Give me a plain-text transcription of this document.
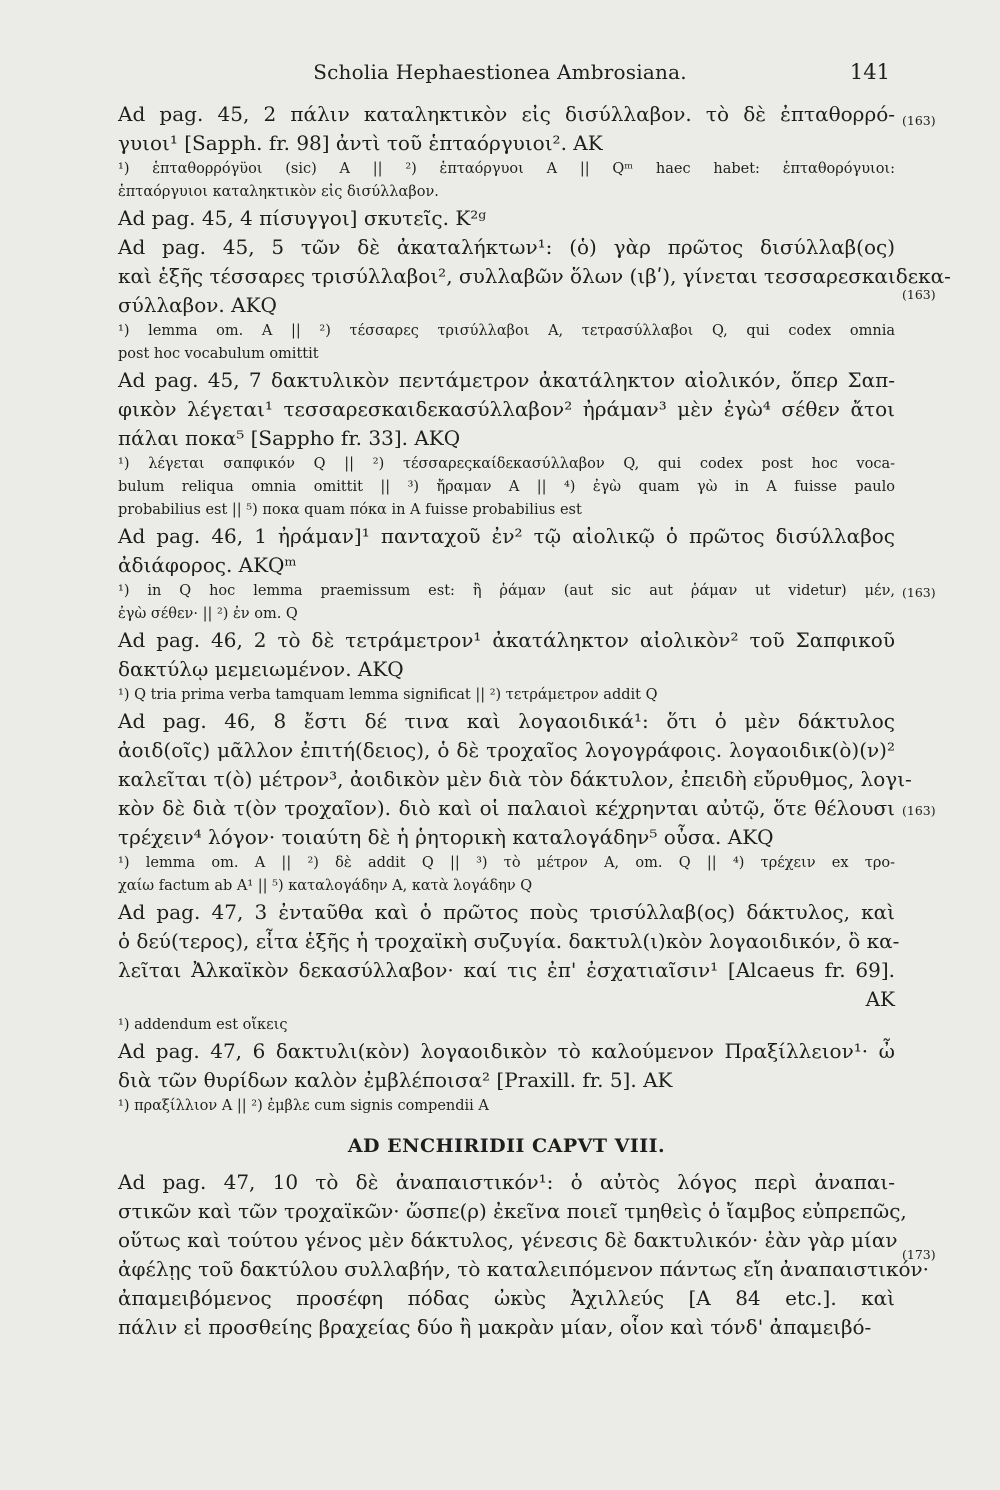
Scholia Hephaestionea Ambrosiana.	141
Ad pag. 45, 2 πάλιν καταληκτικὸν εἰς δισύλλαβον. τὸ δὲ ἐπταθορρό-
γυιοι¹ [Sapph. fr. 98] ἀντὶ τοῦ ἑπταόργυιοι². AK
¹) ἑπταθορρόγϋοι (sic) A || ²) ἑπταόργυοι A || Qᵐ haec habet: ἑπταθορόγυιοι:
ἑπταόργυιοι καταληκτικὸν εἰς δισύλλαβον.
Ad pag. 45, 4 πίσυγγοι] σκυτεῖς. K²ᵍ
Ad pag. 45, 5 τῶν δὲ ἀκαταλήκτων¹: (ὁ) γὰρ πρῶτος δισύλλαβ(ος)
καὶ ἑξῆς τέσσαρες τρισύλλαβοι², συλλαβῶν ὅλων (ιβʹ), γίνεται τεσσαρεσκαιδεκα-
σύλλαβον. AKQ
¹) lemma om. A || ²) τέσσαρες τρισύλλαβοι A, τετρασύλλαβοι Q, qui codex omnia
post hoc vocabulum omittit
Ad pag. 45, 7 δακτυλικὸν πεντάμετρον ἀκατάληκτον αἰολικόν, ὅπερ Σαπ-
φικὸν λέγεται¹ τεσσαρεσκαιδεκασύλλαβον² ἠράμαν³ μὲν ἐγὼ⁴ σέθεν ἄτοι
πάλαι ποκα⁵ [Sappho fr. 33]. AKQ
¹) λέγεται σαπφικόν Q || ²) τέσσαρεςκαίδεκασύλλαβον Q, qui codex post hoc voca-
bulum reliqua omnia omittit || ³) ἤραμαν A || ⁴) ἐγὼ quam γὼ in A fuisse paulo
probabilius est || ⁵) ποκα quam πόκα in A fuisse probabilius est
Ad pag. 46, 1 ἠράμαν]¹ πανταχοῦ ἐν² τῷ αἰολικῷ ὁ πρῶτος δισύλλαβος
ἀδιάφορος. AKQᵐ
¹) in Q hoc lemma praemissum est: ἢ ῥάμαν (aut sic aut ῥάμαν ut videtur) μέν,
ἐγὼ σέθεν· || ²) ἐν om. Q
Ad pag. 46, 2 τὸ δὲ τετράμετρον¹ ἀκατάληκτον αἰολικὸν² τοῦ Σαπφικοῦ
δακτύλῳ μεμειωμένον. AKQ
¹) Q tria prima verba tamquam lemma significat || ²) τετράμετρον addit Q
Ad pag. 46, 8 ἔστι δέ τινα καὶ λογαοιδικά¹: ὅτι ὁ μὲν δάκτυλος
ἀοιδ(οῖς) μᾶλλον ἐπιτή(δειος), ὁ δὲ τροχαῖος λογογράφοις. λογαοιδικ(ὸ)(ν)²
καλεῖται τ(ὸ) μέτρον³, ἀοιδικὸν μὲν διὰ τὸν δάκτυλον, ἐπειδὴ εὔρυθμος, λογι-
κὸν δὲ διὰ τ(ὸν τροχαῖον). διὸ καὶ οἱ παλαιοὶ κέχρηνται αὐτῷ, ὅτε θέλουσι
τρέχειν⁴ λόγον· τοιαύτη δὲ ἡ ῥητορικὴ καταλογάδην⁵ οὖσα. AKQ
¹) lemma om. A || ²) δὲ addit Q || ³) τὸ μέτρον A, om. Q || ⁴) τρέχειν ex τρο-
χαίω factum ab A¹ || ⁵) καταλογάδην A, κατὰ λογάδην Q
Ad pag. 47, 3 ἐνταῦθα καὶ ὁ πρῶτος ποὺς τρισύλλαβ(ος) δάκτυλος, καὶ
ὁ δεύ(τερος), εἶτα ἑξῆς ἡ τροχαϊκὴ συζυγία. δακτυλ(ι)κὸν λογαοιδικόν, ὃ κα-
λεῖται Ἀλκαϊκὸν δεκασύλλαβον· καί τις ἐπ' ἐσχατιαῖσιν¹ [Alcaeus fr. 69].
AK
¹) addendum est οἴκεις
Ad pag. 47, 6 δακτυλι(κὸν) λογαοιδικὸν τὸ καλούμενον Πραξίλλειον¹· ὦ
διὰ τῶν θυρίδων καλὸν ἐμβλέποισα² [Praxill. fr. 5]. AK
¹) πραξίλλιον A || ²) ἐμβλε cum signis compendii A
AD ENCHIRIDII CAPVT VIII.
Ad pag. 47, 10 τὸ δὲ ἀναπαιστικόν¹: ὁ αὐτὸς λόγος περὶ ἀναπαι-
στικῶν καὶ τῶν τροχαϊκῶν· ὥσπε(ρ) ἐκεῖνα ποιεῖ τμηθεὶς ὁ ἴαμβος εὐπρεπῶς,
οὕτως καὶ τούτου γένος μὲν δάκτυλος, γένεσις δὲ δακτυλικόν· ἐὰν γὰρ μίαν
ἀφέλῃς τοῦ δακτύλου συλλαβήν, τὸ καταλειπόμενον πάντως εἴη ἀναπαιστικόν·
ἀπαμειβόμενος προσέφη πόδας ὠκὺς Ἀχιλλεύς [A 84 etc.]. καὶ
πάλιν εἰ προσθείης βραχείας δύο ἢ μακρὰν μίαν, οἷον καὶ τόνδ' ἀπαμειβό-
(163)
(163)
(163)
(163)
(173)
